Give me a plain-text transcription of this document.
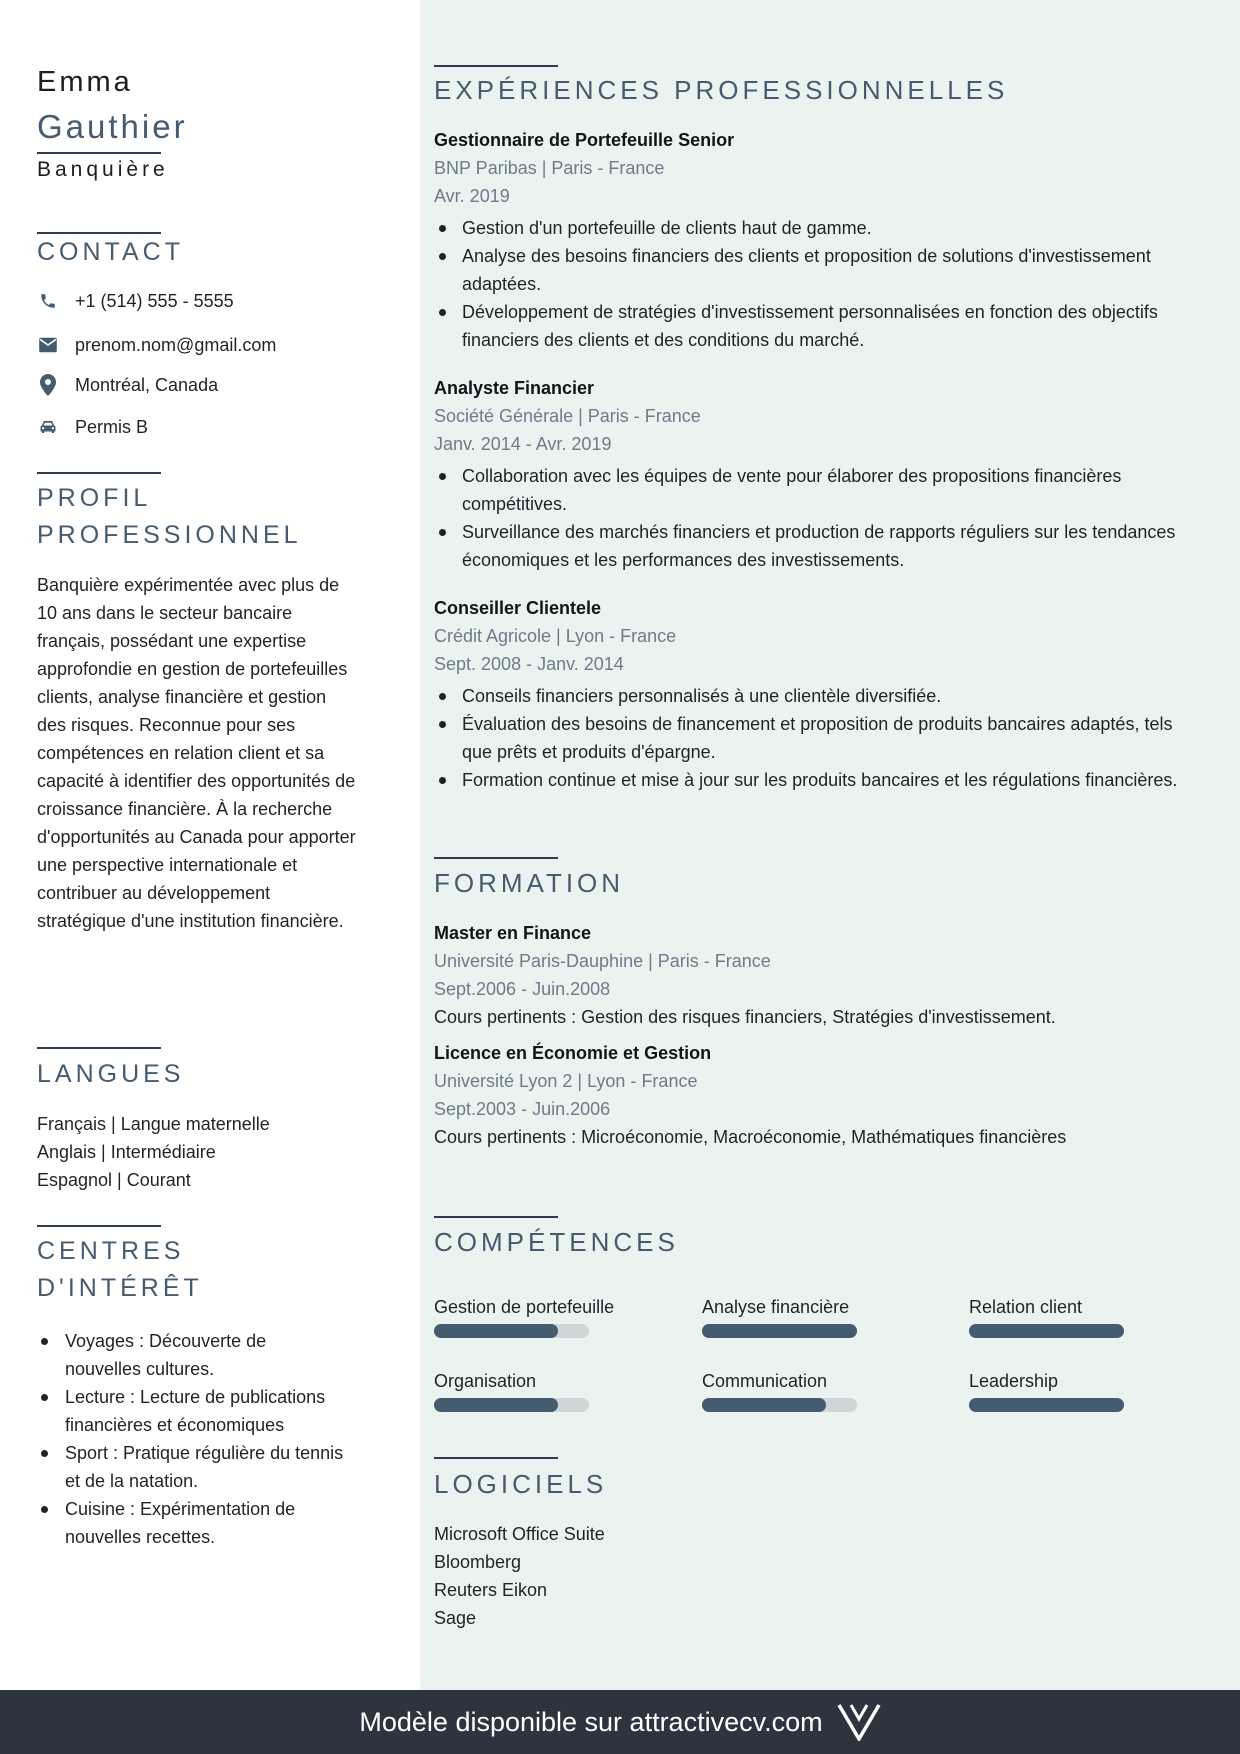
Emma
Gauthier
Banquière
CONTACT
+1 (514) 555 - 5555
prenom.nom@gmail.com
Montréal, Canada
Permis B
PROFIL
PROFESSIONNEL
Banquière expérimentée avec plus de 10 ans dans le secteur bancaire français, possédant une expertise approfondie en gestion de portefeuilles clients, analyse financière et gestion des risques. Reconnue pour ses compétences en relation client et sa capacité à identifier des opportunités de croissance financière. À la recherche d'opportunités au Canada pour apporter une perspective internationale et contribuer au développement stratégique d'une institution financière.
LANGUES
Français | Langue maternelle
Anglais | Intermédiaire
Espagnol | Courant
CENTRES
D'INTÉRÊT
Voyages : Découverte de nouvelles cultures.
Lecture : Lecture de publications financières et économiques
Sport : Pratique régulière du tennis et de la natation.
Cuisine : Expérimentation de nouvelles recettes.
EXPÉRIENCES PROFESSIONNELLES
Gestionnaire de Portefeuille Senior
BNP Paribas | Paris - France
Avr. 2019
Gestion d'un portefeuille de clients haut de gamme.
Analyse des besoins financiers des clients et proposition de solutions d'investissement adaptées.
Développement de stratégies d'investissement personnalisées en fonction des objectifs financiers des clients et des conditions du marché.
Analyste Financier
Société Générale | Paris - France
Janv. 2014 - Avr. 2019
Collaboration avec les équipes de vente pour élaborer des propositions financières compétitives.
Surveillance des marchés financiers et production de rapports réguliers sur les tendances économiques et les performances des investissements.
Conseiller Clientele
Crédit Agricole | Lyon - France
Sept. 2008 - Janv. 2014
Conseils financiers personnalisés à une clientèle diversifiée.
Évaluation des besoins de financement et proposition de produits bancaires adaptés, tels que prêts et produits d'épargne.
Formation continue et mise à jour sur les produits bancaires et les régulations financières.
FORMATION
Master en Finance
Université Paris-Dauphine | Paris - France
Sept.2006 - Juin.2008
Cours pertinents : Gestion des risques financiers, Stratégies d'investissement.
Licence en Économie et Gestion
Université Lyon 2 | Lyon - France
Sept.2003 - Juin.2006
Cours pertinents : Microéconomie, Macroéconomie, Mathématiques financières
COMPÉTENCES
Gestion de portefeuille	Analyse financière	Relation client
Organisation	Communication	Leadership
LOGICIELS
Microsoft Office Suite
Bloomberg
Reuters Eikon
Sage
Modèle disponible sur attractivecv.com
